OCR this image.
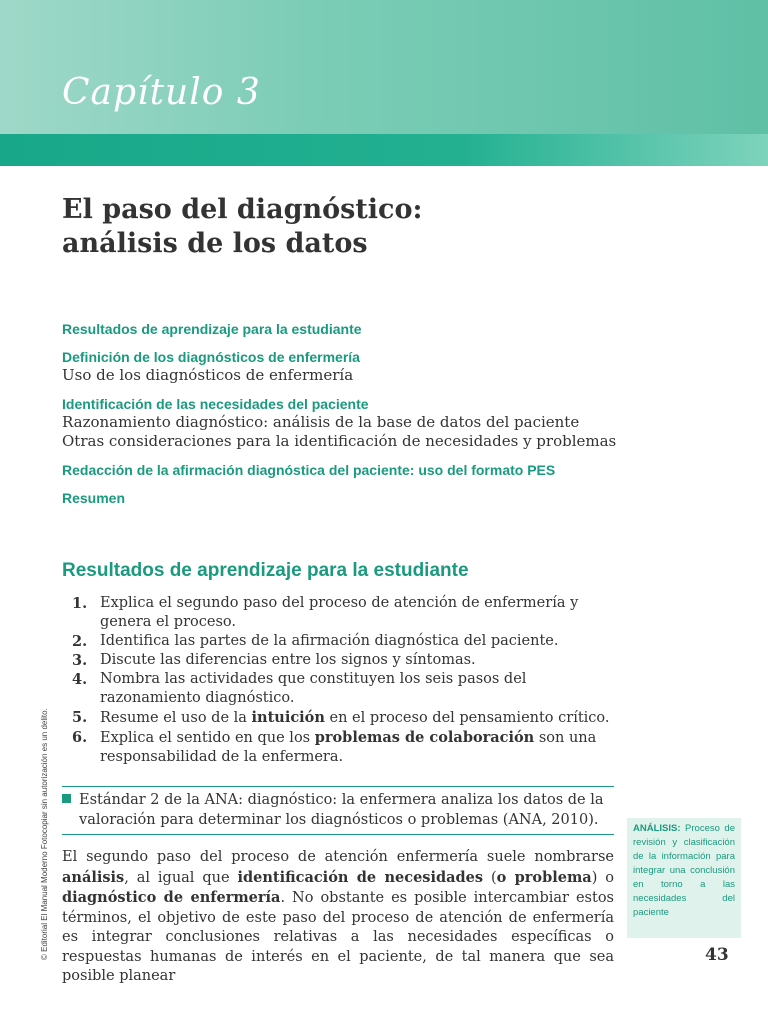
Capítulo 3
El paso del diagnóstico:
análisis de los datos

Resultados de aprendizaje para la estudiante

Definición de los diagnósticos de enfermería

Uso de los diagnósticos de enfermería

Identificación de las necesidades del paciente

Razonamiento diagnóstico: análisis de la base de datos del paciente

Otras consideraciones para la identificación de necesidades y problemas

Redacción de la afirmación diagnóstica del paciente: uso del formato PES

Resumen

Resultados de aprendizaje para la estudiante
1. Explica el segundo paso del proceso de atención de enfermería y genera el proceso.
2. Identifica las partes de la afirmación diagnóstica del paciente.
3. Discute las diferencias entre los signos y síntomas.
4. Nombra las actividades que constituyen los seis pasos del razonamiento diagnóstico.
5. Resume el uso de la intuición en el proceso del pensamiento crítico.
6. Explica el sentido en que los problemas de colaboración son una responsabilidad de la enfermera.
Estándar 2 de la ANA: diagnóstico: la enfermera analiza los datos de la
valoración para determinar los diagnósticos o problemas (ANA, 2010).
El segundo paso del proceso de atención enfermería suele nombrarse análisis, al igual que identificación de necesidades (o problema) o diagnóstico de enfermería. No obstante es posible intercambiar estos términos, el objetivo de este paso del proceso de atención de enfermería es integrar conclusiones relativas a las necesidades específicas o respuestas humanas de interés en el paciente, de tal manera que sea posible planear
ANÁLISIS: Proceso de revisión y clasificación de la información para integrar una conclusión en torno a las necesidades del paciente
43
© Editorial El Manual Moderno Fotocopiar sin autorización es un delito.
